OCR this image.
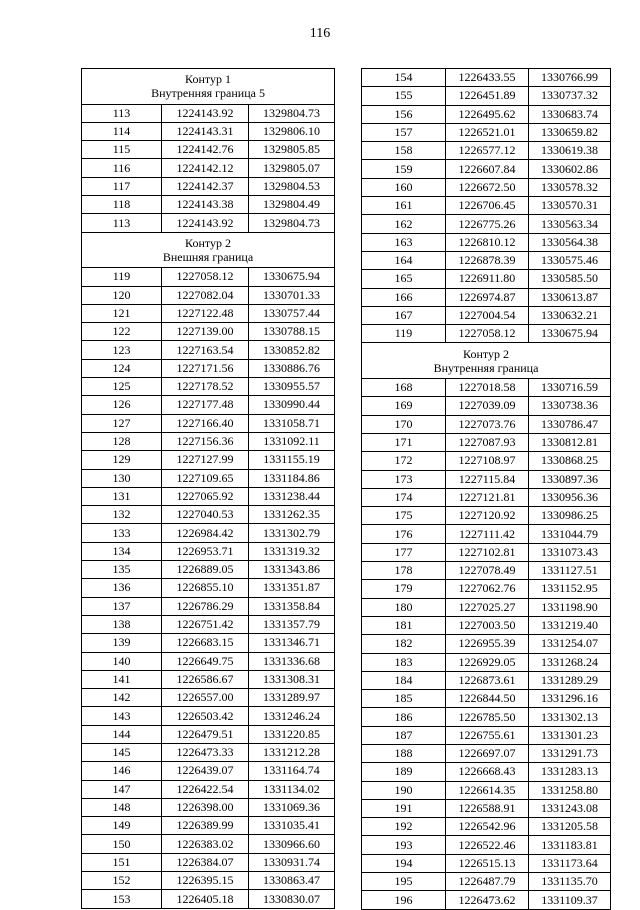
116
Контур 1
Внутренняя граница 5		

113	1224143.92	1329804.73
114	1224143.31	1329806.10
115	1224142.76	1329805.85
116	1224142.12	1329805.07
117	1224142.37	1329804.53
118	1224143.38	1329804.49
113	1224143.92	1329804.73

Контур 2
Внешняя граница		

119	1227058.12	1330675.94
120	1227082.04	1330701.33
121	1227122.48	1330757.44
122	1227139.00	1330788.15
123	1227163.54	1330852.82
124	1227171.56	1330886.76
125	1227178.52	1330955.57
126	1227177.48	1330990.44
127	1227166.40	1331058.71
128	1227156.36	1331092.11
129	1227127.99	1331155.19
130	1227109.65	1331184.86
131	1227065.92	1331238.44
132	1227040.53	1331262.35
133	1226984.42	1331302.79
134	1226953.71	1331319.32
135	1226889.05	1331343.86
136	1226855.10	1331351.87
137	1226786.29	1331358.84
138	1226751.42	1331357.79
139	1226683.15	1331346.71
140	1226649.75	1331336.68
141	1226586.67	1331308.31
142	1226557.00	1331289.97
143	1226503.42	1331246.24
144	1226479.51	1331220.85
145	1226473.33	1331212.28
146	1226439.07	1331164.74
147	1226422.54	1331134.02
148	1226398.00	1331069.36
149	1226389.99	1331035.41
150	1226383.02	1330966.60
151	1226384.07	1330931.74
152	1226395.15	1330863.47
153	1226405.18	1330830.07
154	1226433.55	1330766.99
155	1226451.89	1330737.32
156	1226495.62	1330683.74
157	1226521.01	1330659.82
158	1226577.12	1330619.38
159	1226607.84	1330602.86
160	1226672.50	1330578.32
161	1226706.45	1330570.31
162	1226775.26	1330563.34
163	1226810.12	1330564.38
164	1226878.39	1330575.46
165	1226911.80	1330585.50
166	1226974.87	1330613.87
167	1227004.54	1330632.21
119	1227058.12	1330675.94

Контур 2
Внутренняя граница		

168	1227018.58	1330716.59
169	1227039.09	1330738.36
170	1227073.76	1330786.47
171	1227087.93	1330812.81
172	1227108.97	1330868.25
173	1227115.84	1330897.36
174	1227121.81	1330956.36
175	1227120.92	1330986.25
176	1227111.42	1331044.79
177	1227102.81	1331073.43
178	1227078.49	1331127.51
179	1227062.76	1331152.95
180	1227025.27	1331198.90
181	1227003.50	1331219.40
182	1226955.39	1331254.07
183	1226929.05	1331268.24
184	1226873.61	1331289.29
185	1226844.50	1331296.16
186	1226785.50	1331302.13
187	1226755.61	1331301.23
188	1226697.07	1331291.73
189	1226668.43	1331283.13
190	1226614.35	1331258.80
191	1226588.91	1331243.08
192	1226542.96	1331205.58
193	1226522.46	1331183.81
194	1226515.13	1331173.64
195	1226487.79	1331135.70
196	1226473.62	1331109.37
